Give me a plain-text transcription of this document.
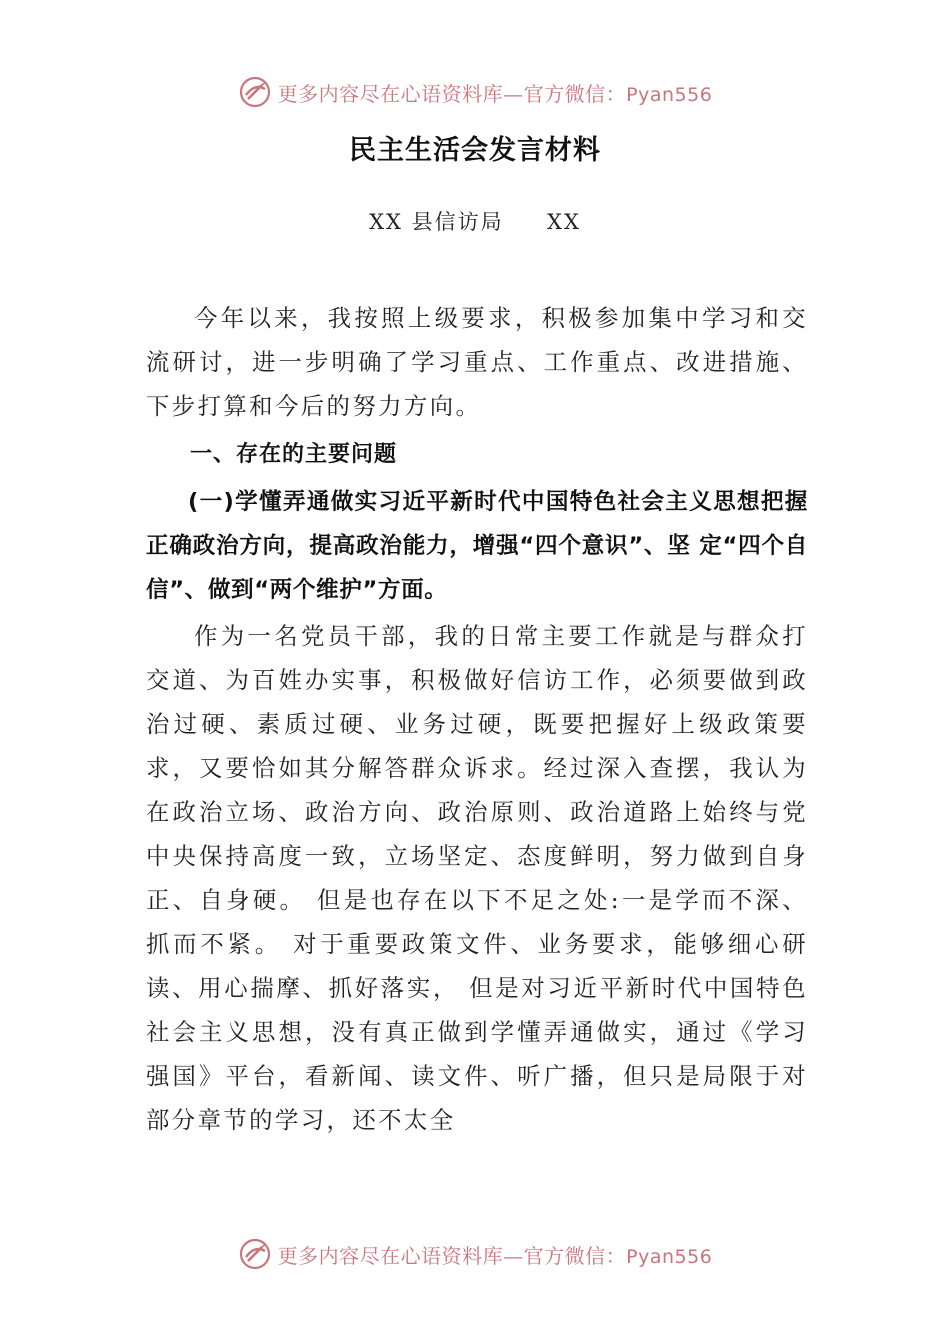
更多内容尽在心语资料库—官方微信：Pyan556
民主生活会发言材料
XX 县信访局     XX

今年以来，我按照上级要求，积极参加集中学习和交流研讨，进一步明确了学习重点、工作重点、改进措施、下步打算和今后的努力方向。

一、存在的主要问题

(一)学懂弄通做实习近平新时代中国特色社会主义思想把握正确政治方向，提高政治能力，增强“四个意识”、坚 定“四个自信”、做到“两个维护”方面。

作为一名党员干部，我的日常主要工作就是与群众打交道、为百姓办实事，积极做好信访工作，必须要做到政治过硬、素质过硬、业务过硬，既要把握好上级政策要求，又要恰如其分解答群众诉求。经过深入查摆，我认为在政治立场、政治方向、政治原则、政治道路上始终与党中央保持高度一致，立场坚定、态度鲜明，努力做到自身正、自身硬。 但是也存在以下不足之处:一是学而不深、抓而不紧。 对于重要政策文件、业务要求，能够细心研读、用心揣摩、抓好落实， 但是对习近平新时代中国特色社会主义思想，没有真正做到学懂弄通做实，通过《学习强国》平台，看新闻、读文件、听广播，但只是局限于对部分章节的学习，还不太全

更多内容尽在心语资料库—官方微信：Pyan556
